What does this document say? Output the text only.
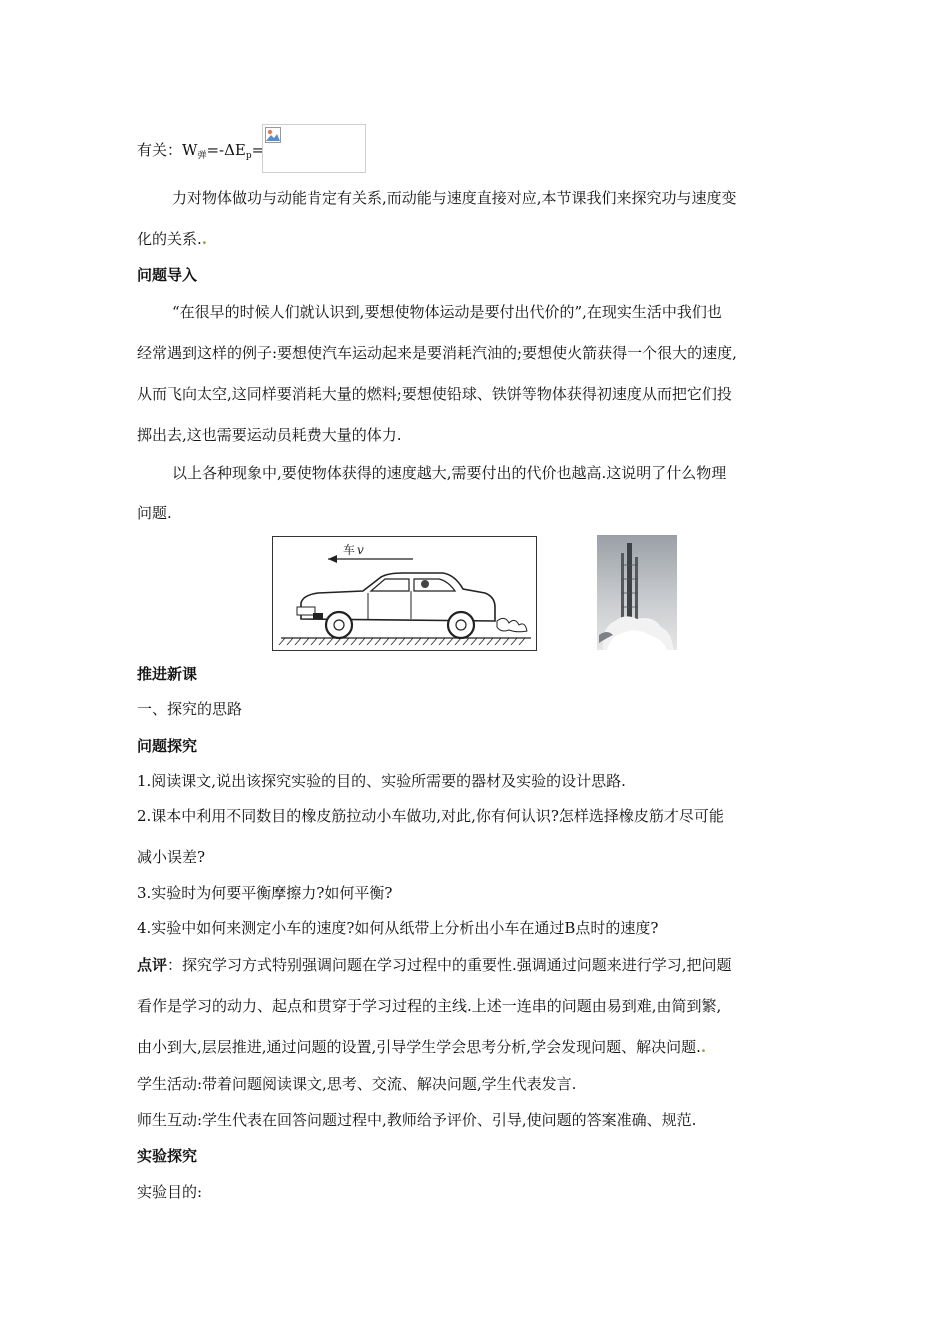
有关：$W_弹=-\Delta E_p=$
力对物体做功与动能肯定有关系,而动能与速度直接对应,本节课我们来探究功与速度变
化的关系..
问题导入
“在很早的时候人们就认识到,要想使物体运动是要付出代价的”,在现实生活中我们也
经常遇到这样的例子:要想使汽车运动起来是要消耗汽油的;要想使火箭获得一个很大的速度,
从而飞向太空,这同样要消耗大量的燃料;要想使铅球、铁饼等物体获得初速度从而把它们投
掷出去,这也需要运动员耗费大量的体力.
以上各种现象中,要使物体获得的速度越大,需要付出的代价也越高.这说明了什么物理
问题.
车 v
推进新课
一、探究的思路
问题探究
1.阅读课文,说出该探究实验的目的、实验所需要的器材及实验的设计思路.
2.课本中利用不同数目的橡皮筋拉动小车做功,对此,你有何认识?怎样选择橡皮筋才尽可能
减小误差?
3.实验时为何要平衡摩擦力?如何平衡?
4.实验中如何来测定小车的速度?如何从纸带上分析出小车在通过B点时的速度?
点评：探究学习方式特别强调问题在学习过程中的重要性.强调通过问题来进行学习,把问题
看作是学习的动力、起点和贯穿于学习过程的主线.上述一连串的问题由易到难,由简到繁,
由小到大,层层推进,通过问题的设置,引导学生学会思考分析,学会发现问题、解决问题..
学生活动:带着问题阅读课文,思考、交流、解决问题,学生代表发言.
师生互动:学生代表在回答问题过程中,教师给予评价、引导,使问题的答案准确、规范.
实验探究
实验目的:
